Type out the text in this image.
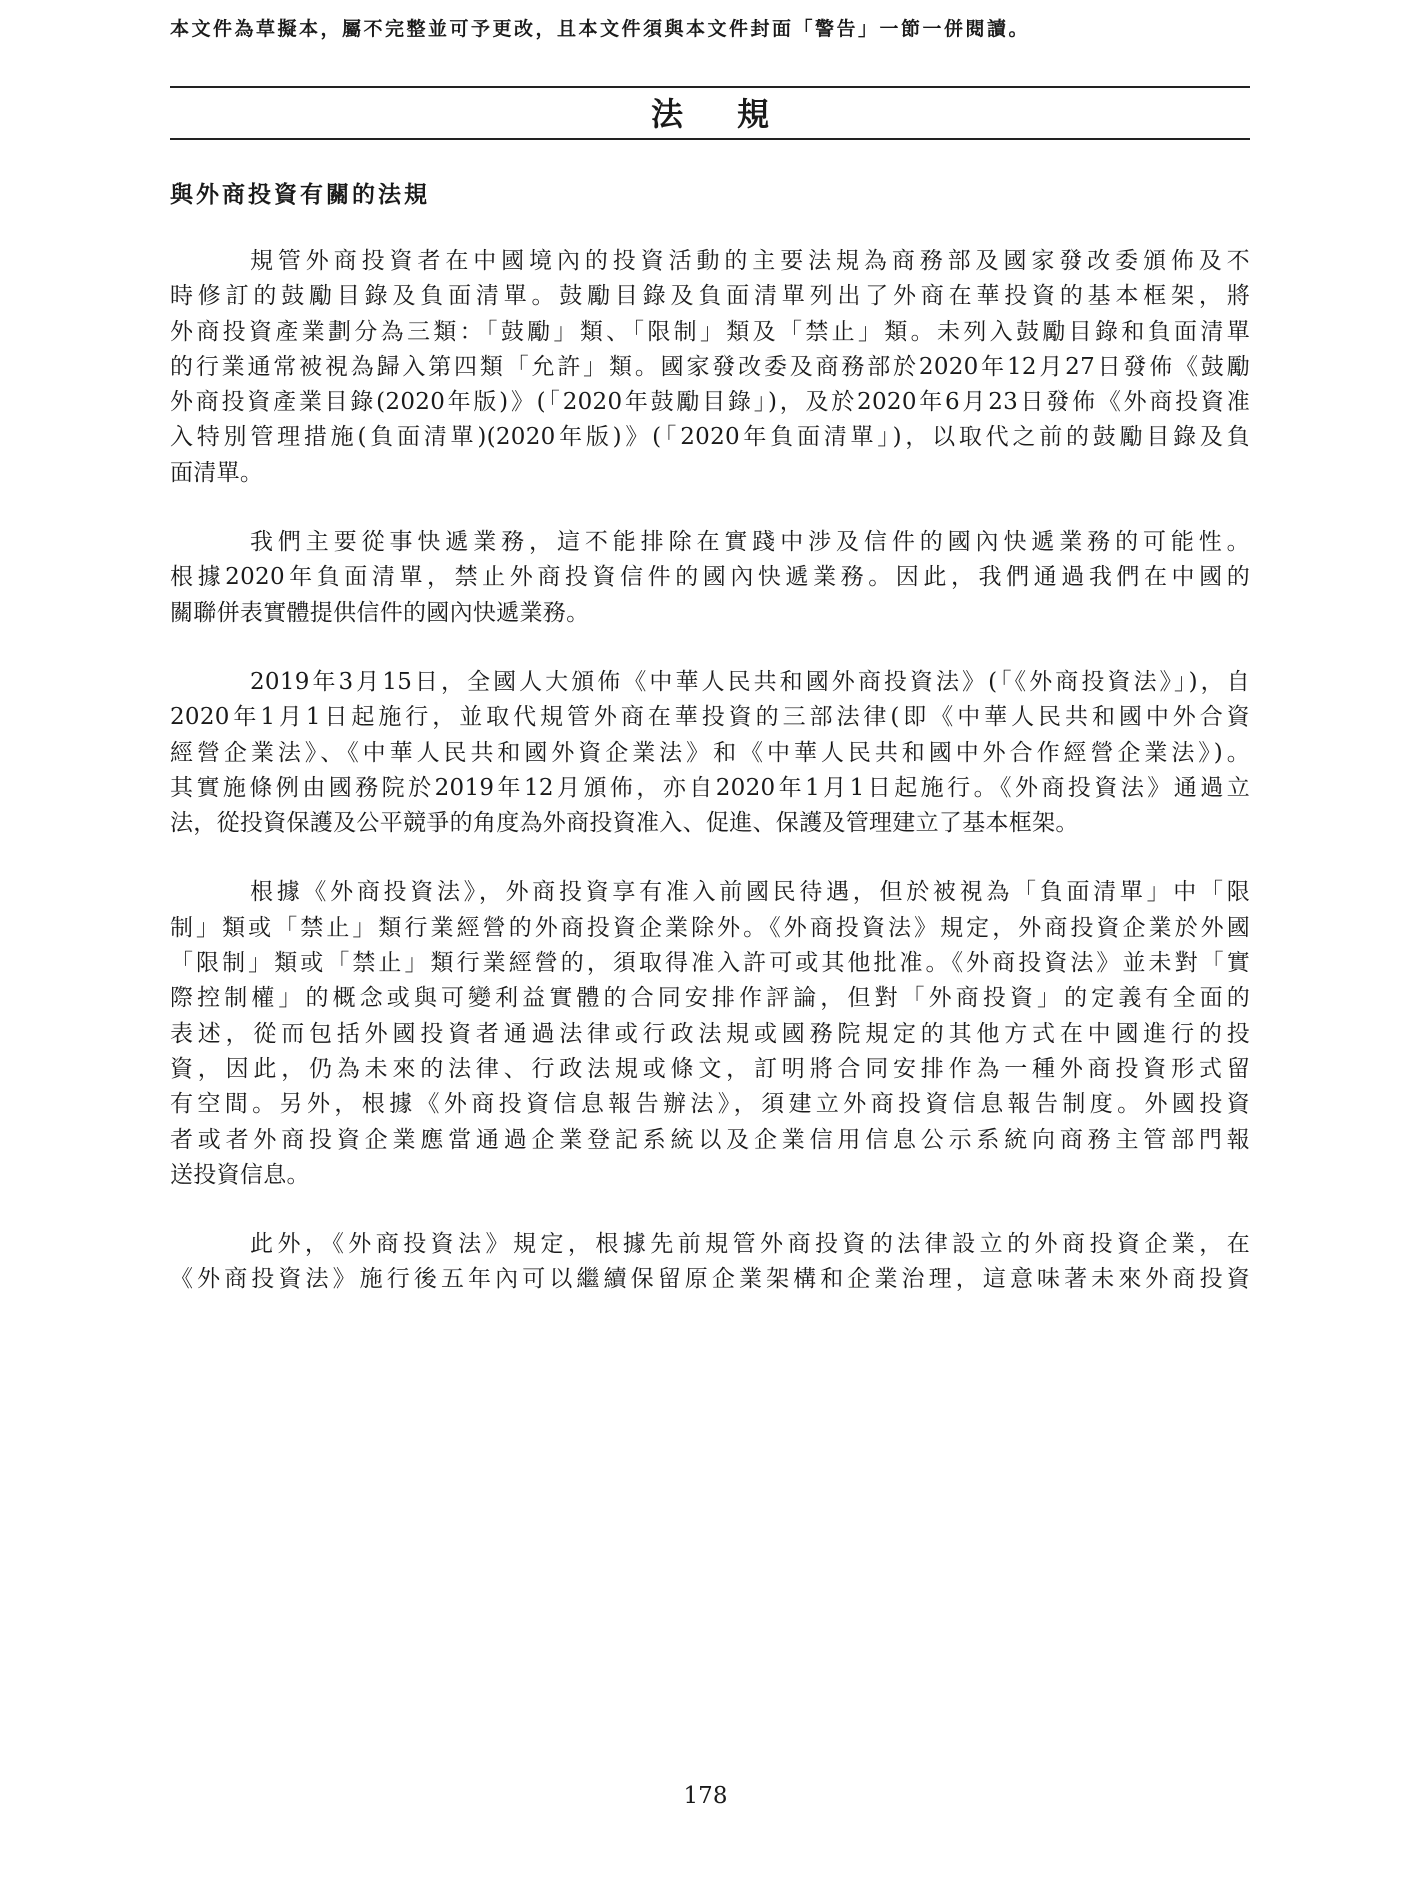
本文件為草擬本，屬不完整並可予更改，且本文件須與本文件封面「警告」一節一併閱讀。
法規
與外商投資有關的法規
規管外商投資者在中國境內的投資活動的主要法規為商務部及國家發改委頒佈及不
時修訂的鼓勵目錄及負面清單。鼓勵目錄及負面清單列出了外商在華投資的基本框架，將
外商投資產業劃分為三類：「鼓勵」類、「限制」類及「禁止」類。未列入鼓勵目錄和負面清單
的行業通常被視為歸入第四類「允許」類。國家發改委及商務部於2020年12月27日發佈《鼓勵
外商投資產業目錄(2020年版)》(「2020年鼓勵目錄」)，及於2020年6月23日發佈《外商投資准
入特別管理措施(負面清單)(2020年版)》(「2020年負面清單」)，以取代之前的鼓勵目錄及負
面清單。
我們主要從事快遞業務，這不能排除在實踐中涉及信件的國內快遞業務的可能性。
根據2020年負面清單，禁止外商投資信件的國內快遞業務。因此，我們通過我們在中國的
關聯併表實體提供信件的國內快遞業務。
2019年3月15日，全國人大頒佈《中華人民共和國外商投資法》(「《外商投資法》」)，自
2020年1月1日起施行，並取代規管外商在華投資的三部法律(即《中華人民共和國中外合資
經營企業法》、《中華人民共和國外資企業法》和《中華人民共和國中外合作經營企業法》)。
其實施條例由國務院於2019年12月頒佈，亦自2020年1月1日起施行。《外商投資法》通過立
法，從投資保護及公平競爭的角度為外商投資准入、促進、保護及管理建立了基本框架。
根據《外商投資法》，外商投資享有准入前國民待遇，但於被視為「負面清單」中「限
制」類或「禁止」類行業經營的外商投資企業除外。《外商投資法》規定，外商投資企業於外國
「限制」類或「禁止」類行業經營的，須取得准入許可或其他批准。《外商投資法》並未對「實
際控制權」的概念或與可變利益實體的合同安排作評論，但對「外商投資」的定義有全面的
表述，從而包括外國投資者通過法律或行政法規或國務院規定的其他方式在中國進行的投
資，因此，仍為未來的法律、行政法規或條文，訂明將合同安排作為一種外商投資形式留
有空間。另外，根據《外商投資信息報告辦法》，須建立外商投資信息報告制度。外國投資
者或者外商投資企業應當通過企業登記系統以及企業信用信息公示系統向商務主管部門報
送投資信息。
此外，《外商投資法》規定，根據先前規管外商投資的法律設立的外商投資企業，在
《外商投資法》施行後五年內可以繼續保留原企業架構和企業治理，這意味著未來外商投資
178
